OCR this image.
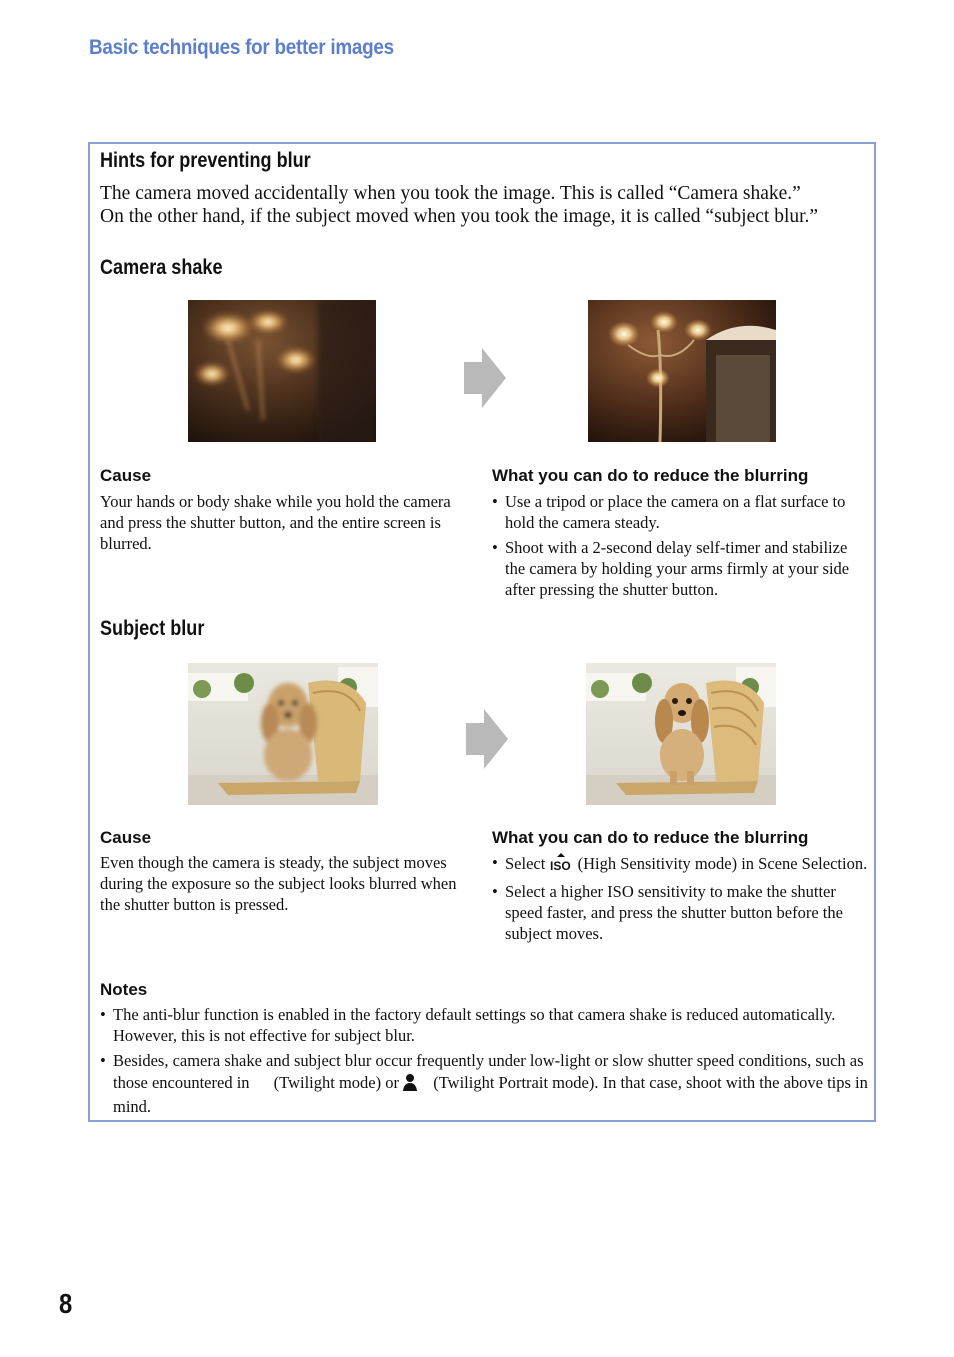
Basic techniques for better images
Hints for preventing blur
The camera moved accidentally when you took the image. This is called “Camera shake.”
On the other hand, if the subject moved when you took the image, it is called “subject blur.”
Camera shake
Cause
Your hands or body shake while you hold the camera and press the shutter button, and the entire screen is blurred.
What you can do to reduce the blurring
• Use a tripod or place the camera on a flat surface to hold the camera steady.
• Shoot with a 2-second delay self-timer and stabilize the camera by holding your arms firmly at your side after pressing the shutter button.
Subject blur
Cause
Even though the camera is steady, the subject moves during the exposure so the subject looks blurred when the shutter button is pressed.
What you can do to reduce the blurring
• Select ISO (High Sensitivity mode) in Scene Selection.
• Select a higher ISO sensitivity to make the shutter speed faster, and press the shutter button before the subject moves.
Notes
• The anti-blur function is enabled in the factory default settings so that camera shake is reduced automatically. However, this is not effective for subject blur.
• Besides, camera shake and subject blur occur frequently under low-light or slow shutter speed conditions, such as those encountered in (Twilight mode) or (Twilight Portrait mode). In that case, shoot with the above tips in mind.
8
